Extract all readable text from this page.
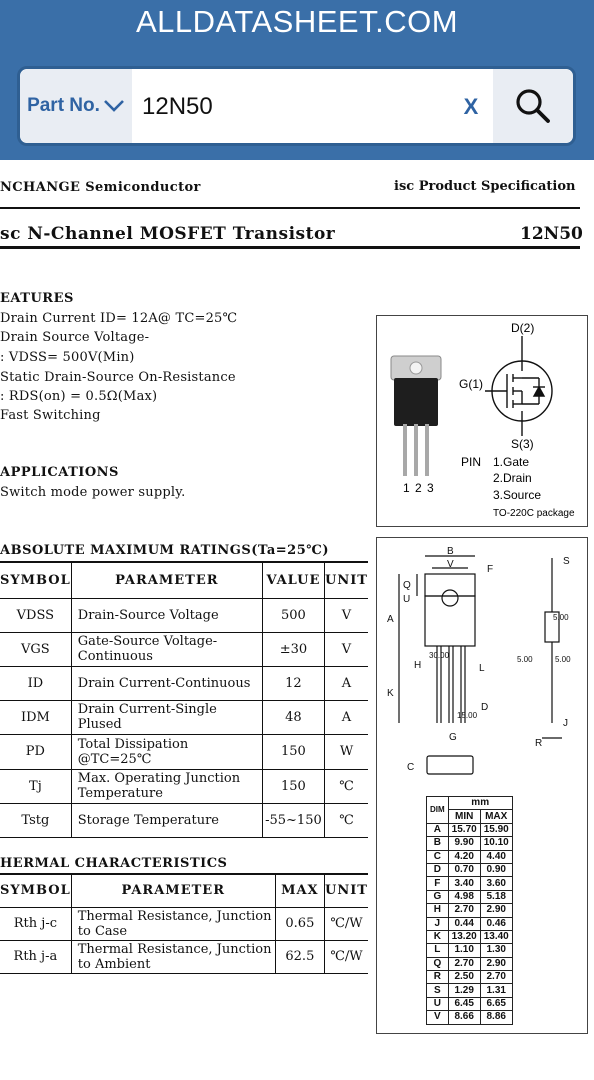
ALLDATASHEET.COM
Part No.
12N50	X
NCHANGE Semiconductor	isc Product Specification
sc N-Channel MOSFET Transistor	12N50
EATURES
Drain Current ID= 12A@ TC=25℃
Drain Source Voltage-
: VDSS= 500V(Min)
Static Drain-Source On-Resistance
: RDS(on) = 0.5Ω(Max)
Fast Switching
APPLICATIONS
Switch mode power supply.
ABSOLUTE MAXIMUM RATINGS(Ta=25℃)
SYMBOL	PARAMETER	VALUE	UNIT
VDSS	Drain-Source Voltage	500	V
VGS	Gate-Source Voltage-Continuous	±30	V
ID	Drain Current-Continuous	12	A
IDM	Drain Current-Single Plused	48	A
PD	Total Dissipation @TC=25℃	150	W
Tj	Max. Operating Junction Temperature	150	℃
Tstg	Storage Temperature	-55~150	℃
HERMAL CHARACTERISTICS
SYMBOL	PARAMETER	MAX	UNIT
Rth j-c	Thermal Resistance, Junction to Case	0.65	℃/W
Rth j-a	Thermal Resistance, Junction to Ambient	62.5	℃/W
1 2 3
D(2)
G(1)
S(3)
PIN 1.Gate
2.Drain
3.Source
TO-220C package
B
V	F
S
Q
U
A
H
K
L
D
G
J
R
C
30.00
15.00
5.00
5.00	5.00
DIM	mm	
	MIN	MAX
A	15.70	15.90
B	9.90	10.10
C	4.20	4.40
D	0.70	0.90
F	3.40	3.60
G	4.98	5.18
H	2.70	2.90
J	0.44	0.46
K	13.20	13.40
L	1.10	1.30
Q	2.70	2.90
R	2.50	2.70
S	1.29	1.31
U	6.45	6.65
V	8.66	8.86
